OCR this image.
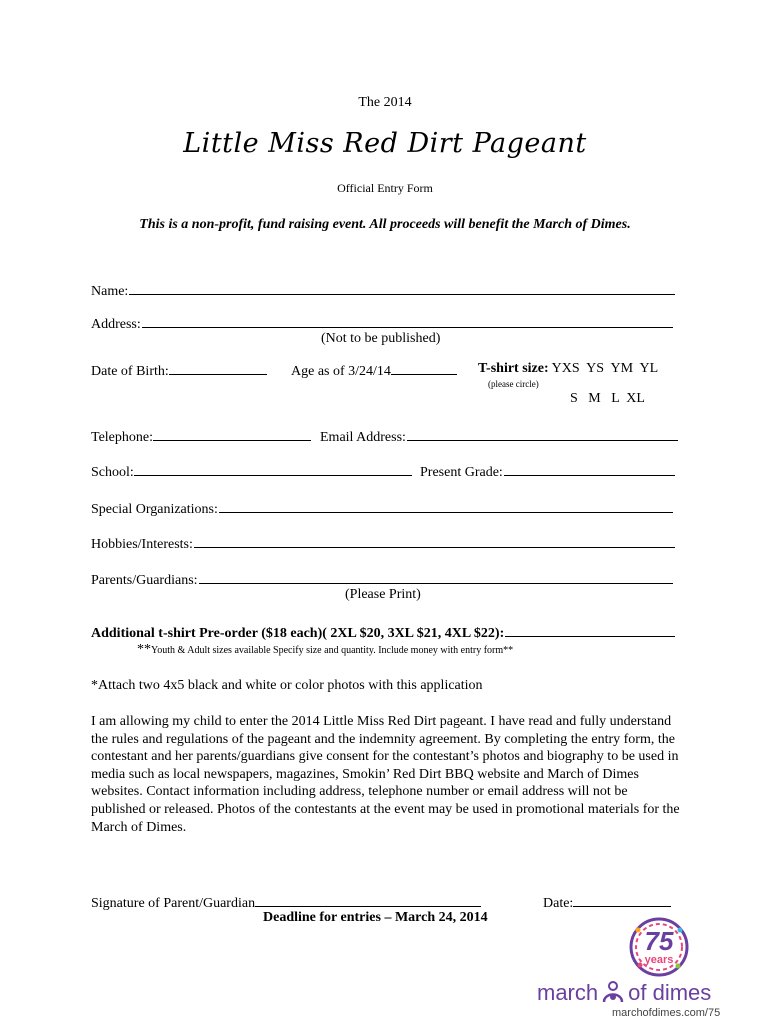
The 2014
Little Miss Red Dirt Pageant
Official Entry Form
This is a non-profit, fund raising event. All proceeds will benefit the March of Dimes.
Name:
Address:
(Not to be published)
Date of Birth:	Age as of 3/24/14	T-shirt size: YXS  YS  YM  YL
(please circle)
S   M   L  XL
Telephone:	Email Address:
School:	Present Grade:
Special Organizations:
Hobbies/Interests:
Parents/Guardians:
(Please Print)
Additional t-shirt Pre-order ($18 each)( 2XL $20, 3XL $21, 4XL $22):
**Youth & Adult sizes available Specify size and quantity. Include money with entry form**
*Attach two 4x5 black and white or color photos with this application

I am allowing my child to enter the 2014 Little Miss Red Dirt pageant. I have read and fully understand the rules and regulations of the pageant and the indemnity agreement. By completing the entry form, the contestant and her parents/guardians give consent for the contestant’s photos and biography to be used in media such as local newspapers, magazines, Smokin’ Red Dirt BBQ website and March of Dimes websites. Contact information including address, telephone number or email address will not be published or released. Photos of the contestants at the event may be used in promotional materials for the March of Dimes.

Signature of Parent/Guardian	Date:
Deadline for entries – March 24, 2014
75
years
march of dimes
marchofdimes.com/75
